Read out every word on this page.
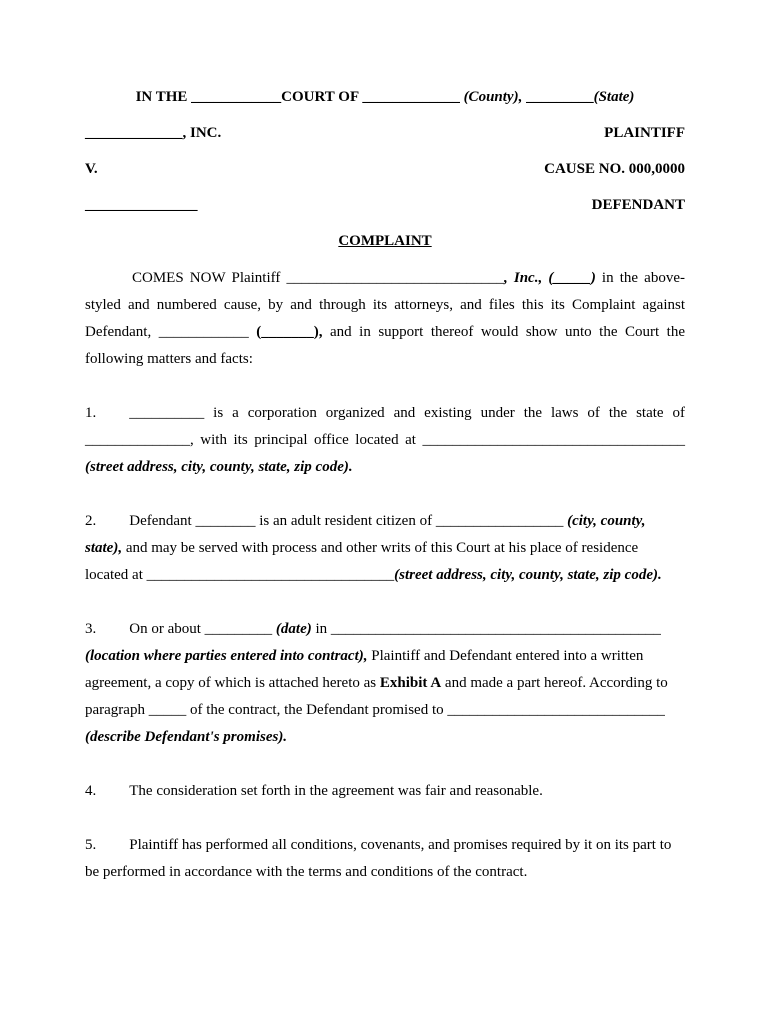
IN THE ____________COURT OF _____________ (County), _________(State)
_____________, INC.	PLAINTIFF
V.	CAUSE NO. 000,0000
_______________	DEFENDANT
COMPLAINT
COMES NOW Plaintiff _____________________________, Inc., (_____) in the above-styled and numbered cause, by and through its attorneys, and files this its Complaint against Defendant, ____________ (_______), and in support thereof would show unto the Court the following matters and facts:
1. __________ is a corporation organized and existing under the laws of the state of ______________, with its principal office located at ___________________________________ (street address, city, county, state, zip code).
2. Defendant ________ is an adult resident citizen of _________________ (city, county, state), and may be served with process and other writs of this Court at his place of residence located at _________________________________(street address, city, county, state, zip code).
3. On or about _________ (date) in ____________________________________________ (location where parties entered into contract), Plaintiff and Defendant entered into a written agreement, a copy of which is attached hereto as Exhibit A and made a part hereof. According to paragraph _____ of the contract, the Defendant promised to _____________________________ (describe Defendant's promises).
4. The consideration set forth in the agreement was fair and reasonable.
5. Plaintiff has performed all conditions, covenants, and promises required by it on its part to be performed in accordance with the terms and conditions of the contract.
